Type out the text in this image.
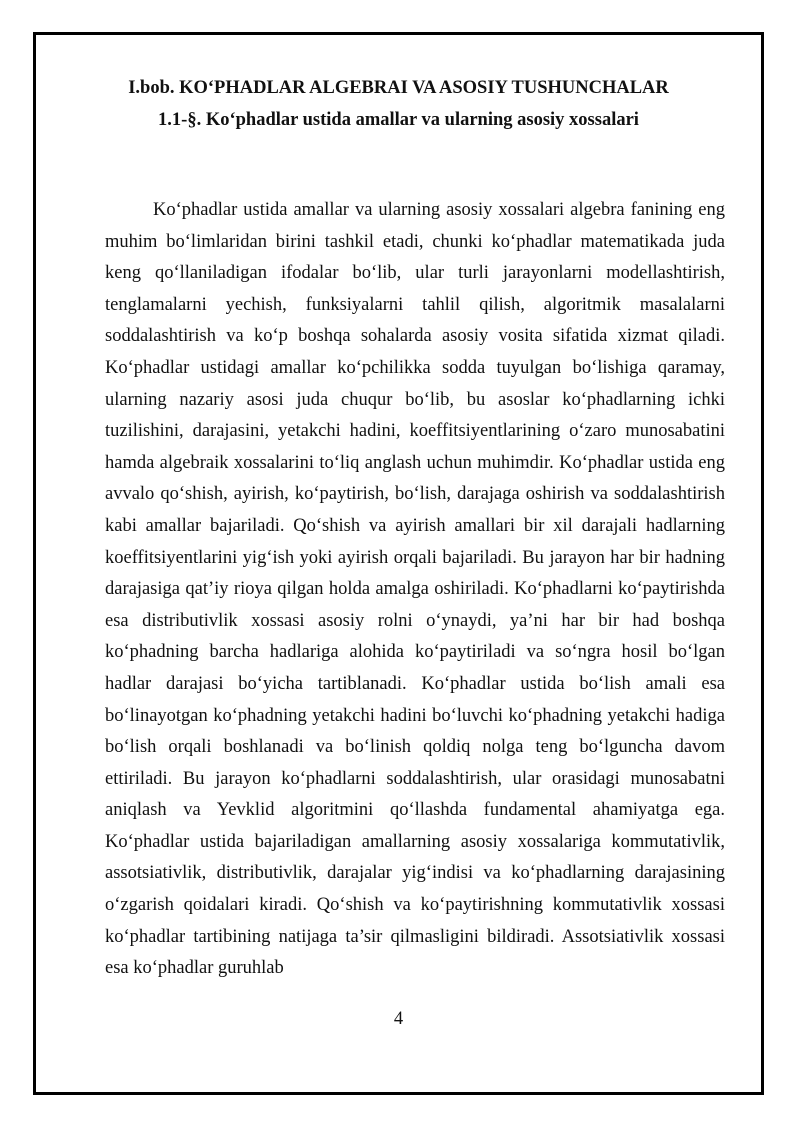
I.bob. KO‘PHADLAR ALGEBRAI VA ASOSIY TUSHUNCHALAR
1.1-§. Ko‘phadlar ustida amallar va ularning asosiy xossalari

Ko‘phadlar ustida amallar va ularning asosiy xossalari algebra fanining eng muhim bo‘limlaridan birini tashkil etadi, chunki ko‘phadlar matematikada juda keng qo‘llaniladigan ifodalar bo‘lib, ular turli jarayonlarni modellashtirish, tenglamalarni yechish, funksiyalarni tahlil qilish, algoritmik masalalarni soddalashtirish va ko‘p boshqa sohalarda asosiy vosita sifatida xizmat qiladi. Ko‘phadlar ustidagi amallar ko‘pchilikka sodda tuyulgan bo‘lishiga qaramay, ularning nazariy asosi juda chuqur bo‘lib, bu asoslar ko‘phadlarning ichki tuzilishini, darajasini, yetakchi hadini, koeffitsiyentlarining o‘zaro munosabatini hamda algebraik xossalarini to‘liq anglash uchun muhimdir. Ko‘phadlar ustida eng avvalo qo‘shish, ayirish, ko‘paytirish, bo‘lish, darajaga oshirish va soddalashtirish kabi amallar bajariladi. Qo‘shish va ayirish amallari bir xil darajali hadlarning koeffitsiyentlarini yig‘ish yoki ayirish orqali bajariladi. Bu jarayon har bir hadning darajasiga qat’iy rioya qilgan holda amalga oshiriladi. Ko‘phadlarni ko‘paytirishda esa distributivlik xossasi asosiy rolni o‘ynaydi, ya’ni har bir had boshqa ko‘phadning barcha hadlariga alohida ko‘paytiriladi va so‘ngra hosil bo‘lgan hadlar darajasi bo‘yicha tartiblanadi. Ko‘phadlar ustida bo‘lish amali esa bo‘linayotgan ko‘phadning yetakchi hadini bo‘luvchi ko‘phadning yetakchi hadiga bo‘lish orqali boshlanadi va bo‘linish qoldiq nolga teng bo‘lguncha davom ettiriladi. Bu jarayon ko‘phadlarni soddalashtirish, ular orasidagi munosabatni aniqlash va Yevklid algoritmini qo‘llashda fundamental ahamiyatga ega. Ko‘phadlar ustida bajariladigan amallarning asosiy xossalariga kommutativlik, assotsiativlik, distributivlik, darajalar yig‘indisi va ko‘phadlarning darajasining o‘zgarish qoidalari kiradi. Qo‘shish va ko‘paytirishning kommutativlik xossasi ko‘phadlar tartibining natijaga ta’sir qilmasligini bildiradi. Assotsiativlik xossasi esa ko‘phadlar guruhlab

4
